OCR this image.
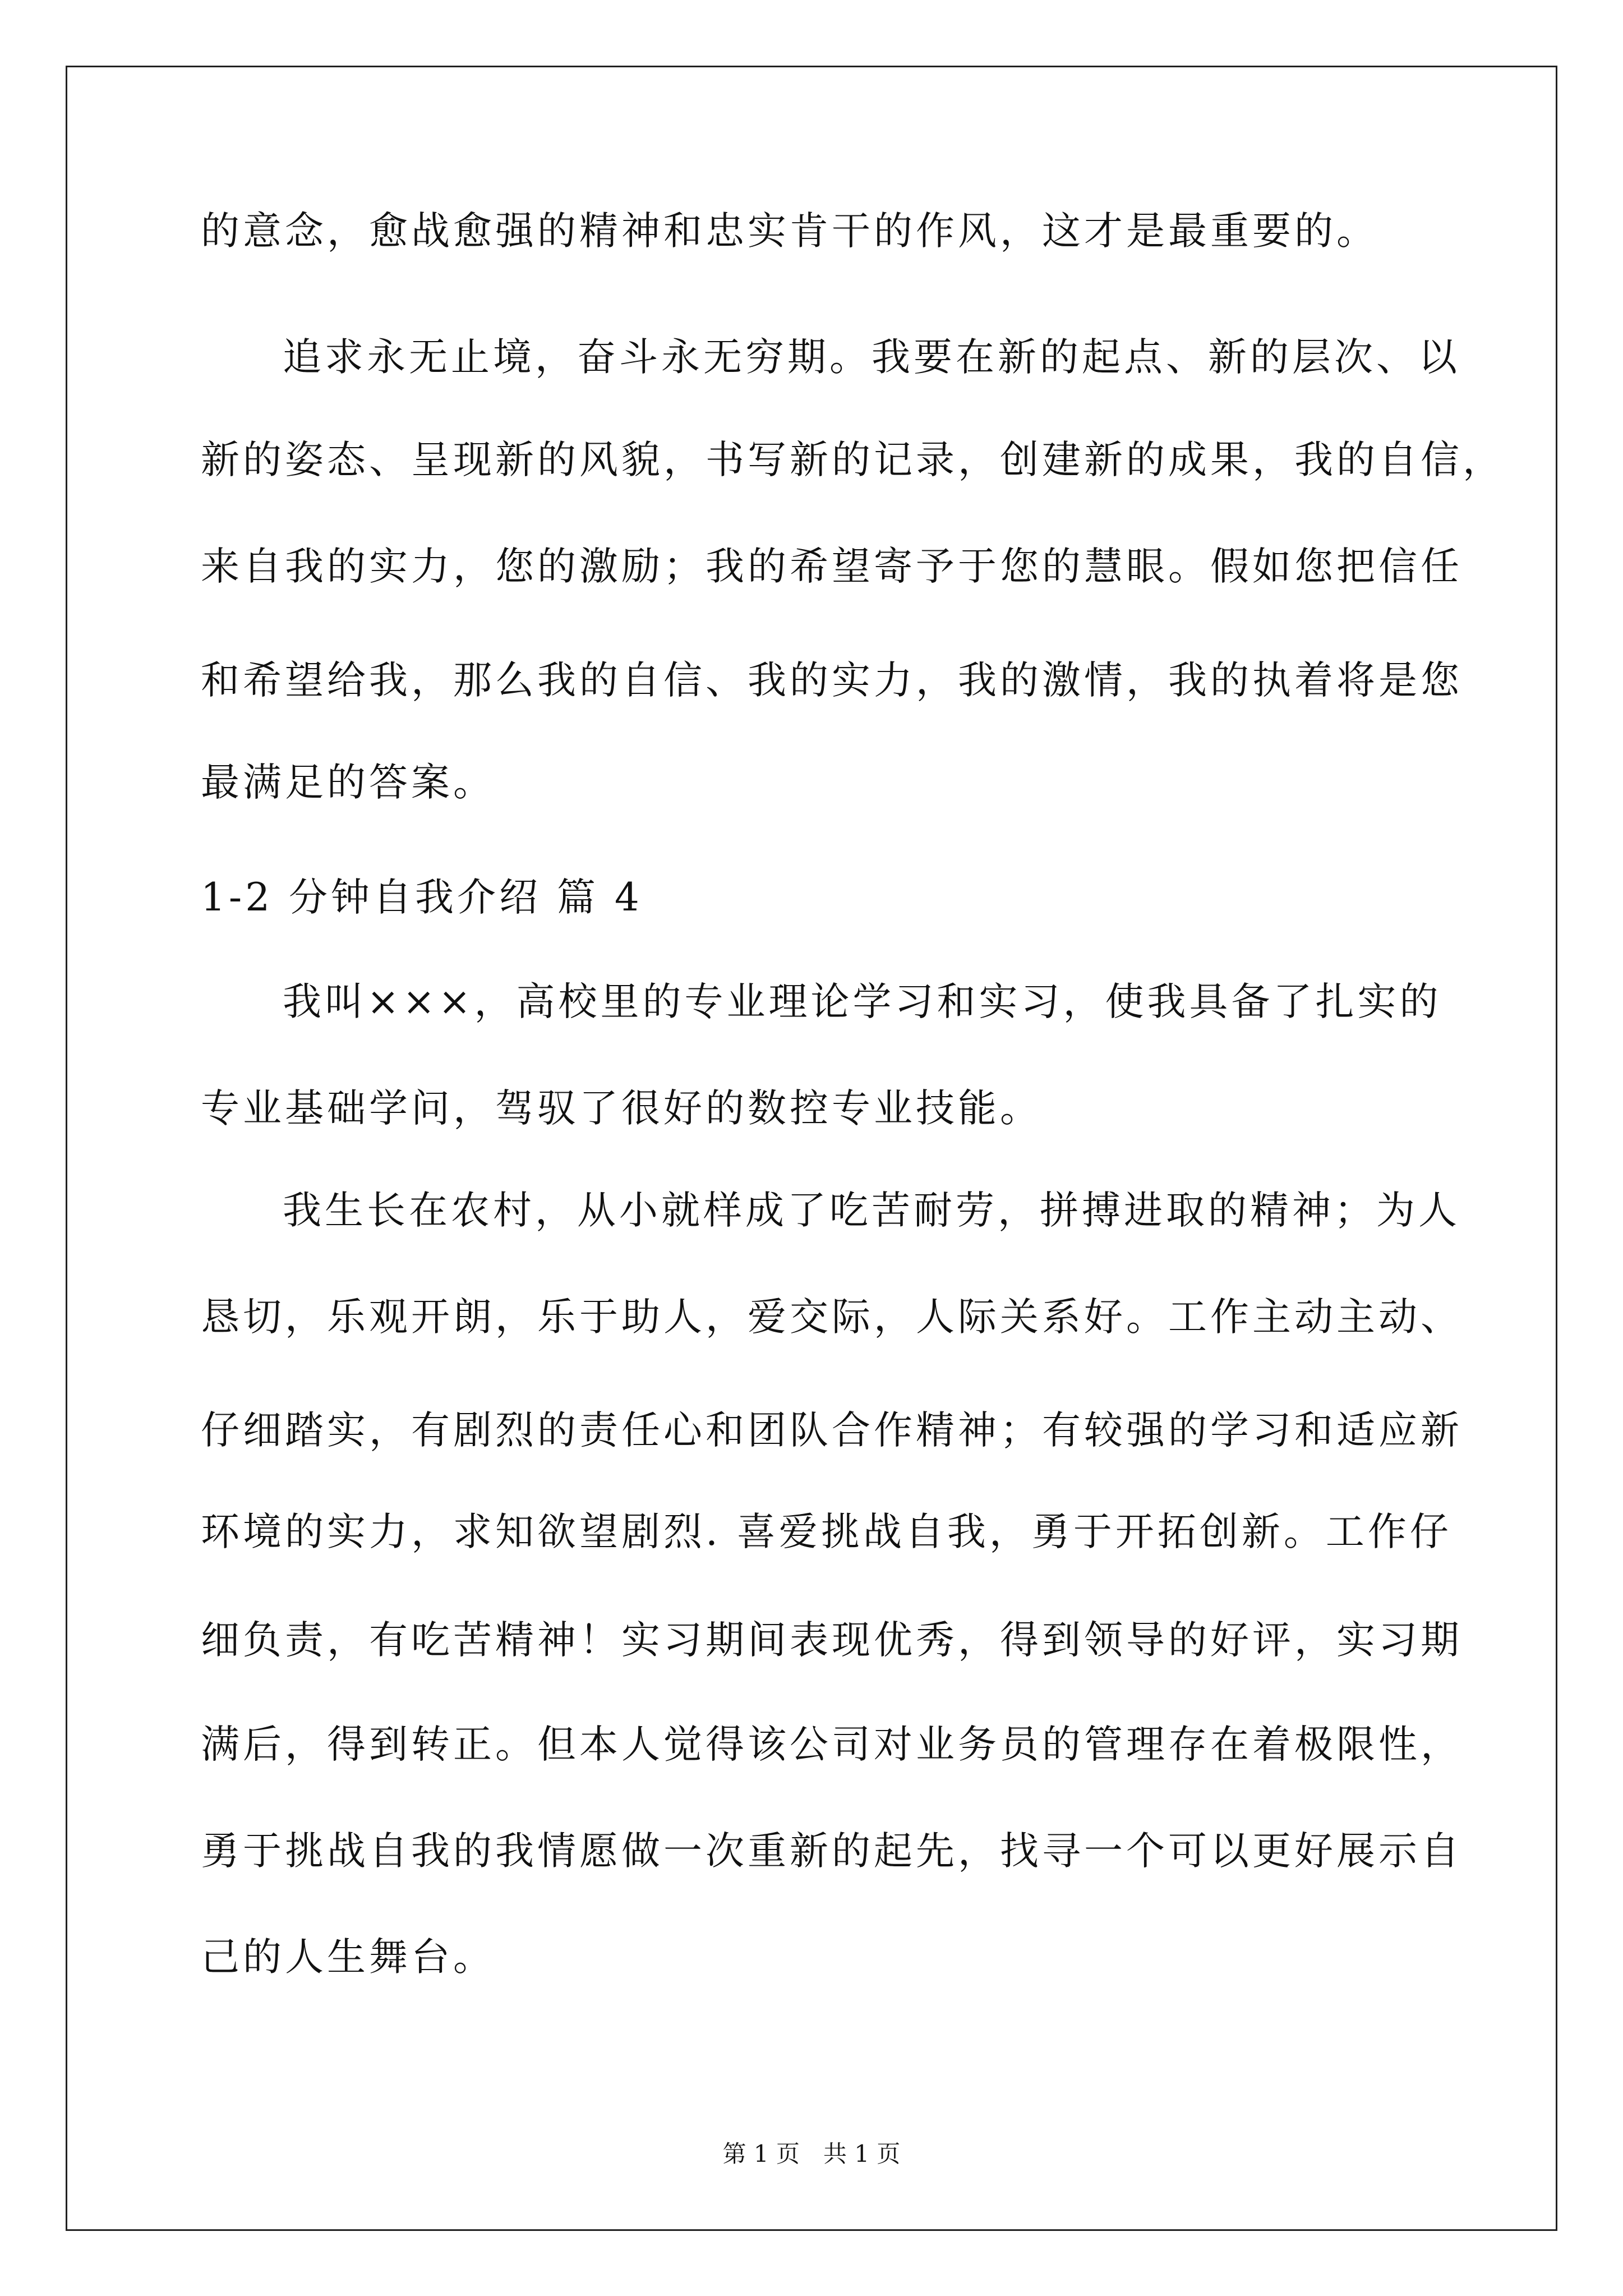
的意念，愈战愈强的精神和忠实肯干的作风，这才是最重要的。
追求永无止境，奋斗永无穷期。我要在新的起点、新的层次、以
新的姿态、呈现新的风貌，书写新的记录，创建新的成果，我的自信，
来自我的实力，您的激励；我的希望寄予于您的慧眼。假如您把信任
和希望给我，那么我的自信、我的实力，我的激情，我的执着将是您
最满足的答案。
1-2 分钟自我介绍 篇 4
我叫×××，高校里的专业理论学习和实习，使我具备了扎实的
专业基础学问，驾驭了很好的数控专业技能。
我生长在农村，从小就样成了吃苦耐劳，拼搏进取的精神；为人
恳切，乐观开朗，乐于助人，爱交际，人际关系好。工作主动主动、
仔细踏实，有剧烈的责任心和团队合作精神；有较强的学习和适应新
环境的实力，求知欲望剧烈. 喜爱挑战自我，勇于开拓创新。工作仔
细负责，有吃苦精神！实习期间表现优秀，得到领导的好评，实习期
满后，得到转正。但本人觉得该公司对业务员的管理存在着极限性，
勇于挑战自我的我情愿做一次重新的起先，找寻一个可以更好展示自
己的人生舞台。
第 1 页　共 1 页
